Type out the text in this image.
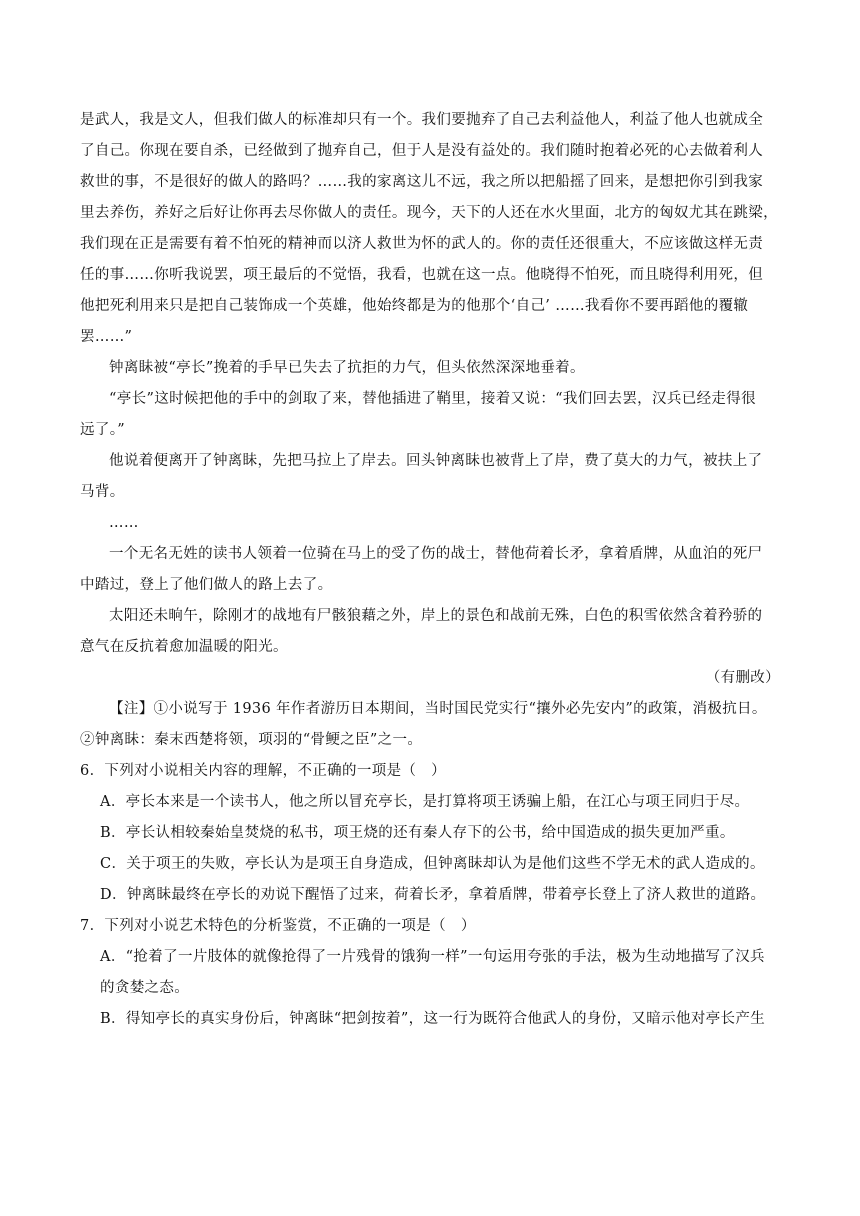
是武人，我是文人，但我们做人的标准却只有一个。我们要抛弃了自己去利益他人，利益了他人也就成全
了自己。你现在要自杀，已经做到了抛弃自己，但于人是没有益处的。我们随时抱着必死的心去做着利人
救世的事，不是很好的做人的路吗？……我的家离这儿不远，我之所以把船摇了回来，是想把你引到我家
里去养伤，养好之后好让你再去尽你做人的责任。现今，天下的人还在水火里面，北方的匈奴尤其在跳梁，
我们现在正是需要有着不怕死的精神而以济人救世为怀的武人的。你的责任还很重大，不应该做这样无责
任的事……你听我说罢，项王最后的不觉悟，我看，也就在这一点。他晓得不怕死，而且晓得利用死，但
他把死利用来只是把自己装饰成一个英雄，他始终都是为的他那个‘自己’ ……我看你不要再蹈他的覆辙
罢……”
钟离眛被“亭长”挽着的手早已失去了抗拒的力气，但头依然深深地垂着。
“亭长”这时候把他的手中的剑取了来，替他插进了鞘里，接着又说：“我们回去罢，汉兵已经走得很
远了。”
他说着便离开了钟离眛，先把马拉上了岸去。回头钟离眛也被背上了岸，费了莫大的力气，被扶上了
马背。
……
一个无名无姓的读书人领着一位骑在马上的受了伤的战士，替他荷着长矛，拿着盾牌，从血泊的死尸
中踏过，登上了他们做人的路上去了。
太阳还未晌午，除刚才的战地有尸骸狼藉之外，岸上的景色和战前无殊，白色的积雪依然含着矜骄的
意气在反抗着愈加温暖的阳光。
（有删改）
【注】①小说写于 1936 年作者游历日本期间，当时国民党实行“攘外必先安内”的政策，消极抗日。
②钟离眛：秦末西楚将领，项羽的“骨鲠之臣”之一。
6．下列对小说相关内容的理解，不正确的一项是（　）
A．亭长本来是一个读书人，他之所以冒充亭长，是打算将项王诱骗上船，在江心与项王同归于尽。
B．亭长认相较秦始皇焚烧的私书，项王烧的还有秦人存下的公书，给中国造成的损失更加严重。
C．关于项王的失败，亭长认为是项王自身造成，但钟离眛却认为是他们这些不学无术的武人造成的。
D．钟离眛最终在亭长的劝说下醒悟了过来，荷着长矛，拿着盾牌，带着亭长登上了济人救世的道路。
7．下列对小说艺术特色的分析鉴赏，不正确的一项是（　）
A．“抢着了一片肢体的就像抢得了一片残骨的饿狗一样”一句运用夸张的手法，极为生动地描写了汉兵
的贪婪之态。
B．得知亭长的真实身份后，钟离眛“把剑按着”，这一行为既符合他武人的身份，又暗示他对亭长产生
